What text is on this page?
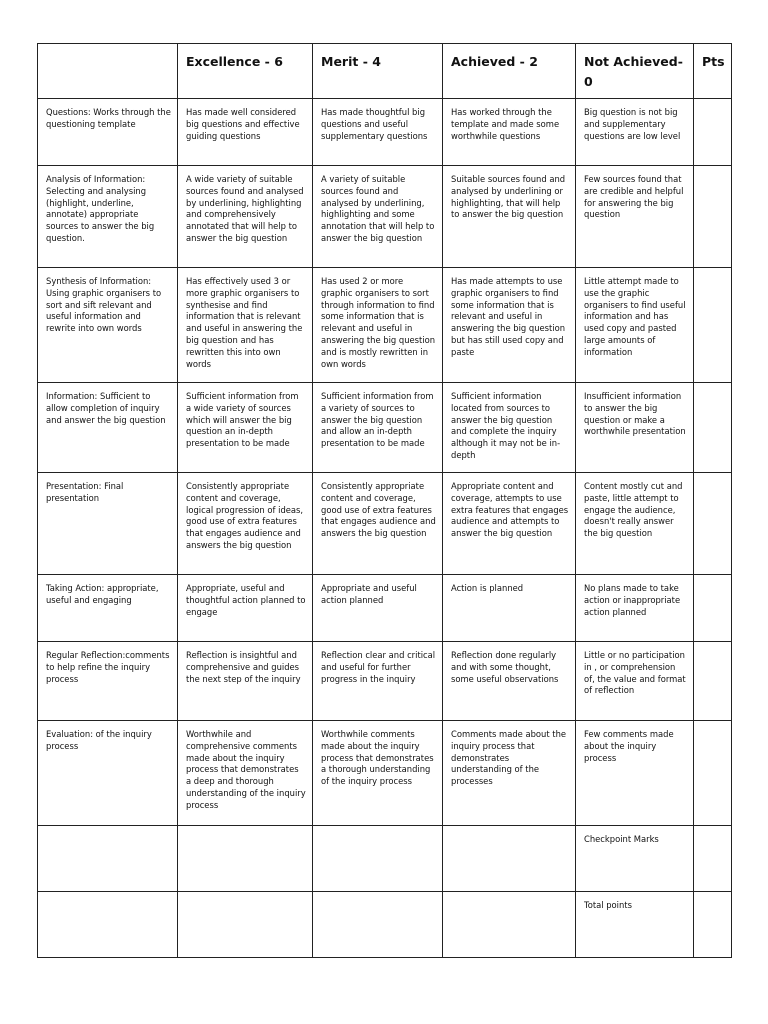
	Excellence - 6	Merit - 4	Achieved - 2	Not Achieved- 0	Pts
Questions: Works through the questioning template	Has made well considered big questions and effective guiding questions	Has made thoughtful big questions and useful supplementary questions	Has worked through the template and made some worthwhile questions	Big question is not big and supplementary questions are low level	
Analysis of Information: Selecting and analysing (highlight, underline, annotate) appropriate sources to answer the big question.	A wide variety of suitable sources found and analysed by underlining, highlighting and comprehensively annotated that will help to answer the big question	A variety of suitable sources found and analysed by underlining, highlighting and some annotation that will help to answer the big question	Suitable sources found and analysed by underlining or highlighting, that will help to answer the big question	Few sources found that are credible and helpful for answering the big question	
Synthesis of Information: Using graphic organisers to sort and sift relevant and useful information and rewrite into own words	Has effectively used 3 or more graphic organisers to synthesise and find information that is relevant and useful in answering the big question and has rewritten this into own words	Has used 2 or more graphic organisers to sort through information to find some information that is relevant and useful in answering the big question and is mostly rewritten in own words	Has made attempts to use graphic organisers to find some information that is relevant and useful in answering the big question but has still used copy and paste	Little attempt made to use the graphic organisers to find useful information and has used copy and pasted large amounts of information	
Information: Sufficient to allow completion of inquiry and answer the big question	Sufficient information from a wide variety of sources which will answer the big question an in-depth presentation to be made	Sufficient information from a variety of sources to answer the big question and allow an in-depth presentation to be made	Sufficient information located from sources to answer the big question and complete the inquiry although it may not be in-depth	Insufficient information to answer the big question or make a worthwhile presentation	
Presentation: Final presentation	Consistently appropriate content and coverage, logical progression of ideas, good use of extra features that engages audience and answers the big question	Consistently appropriate content and coverage, good use of extra features that engages audience and answers the big question	Appropriate content and coverage, attempts to use extra features that engages audience and attempts to answer the big question	Content mostly cut and paste, little attempt to engage the audience, doesn't really answer the big question	
Taking Action: appropriate, useful and engaging	Appropriate, useful and thoughtful action planned to engage	Appropriate and useful action planned	Action is planned	No plans made to take action or inappropriate action planned	
Regular Reflection:comments to help refine the inquiry process	Reflection is insightful and comprehensive and guides the next step of the inquiry	Reflection clear and critical and useful for further progress in the inquiry	Reflection done regularly and with some thought, some useful observations	Little or no participation in , or comprehension of, the value and format of reflection	
Evaluation: of the inquiry process	Worthwhile and comprehensive comments made about the inquiry process that demonstrates a deep and thorough understanding of the inquiry process	Worthwhile comments made about the inquiry process that demonstrates a thorough understanding of the inquiry process	Comments made about the inquiry process that demonstrates understanding of the processes	Few comments made about the inquiry process	
				Checkpoint Marks	
				Total points	
